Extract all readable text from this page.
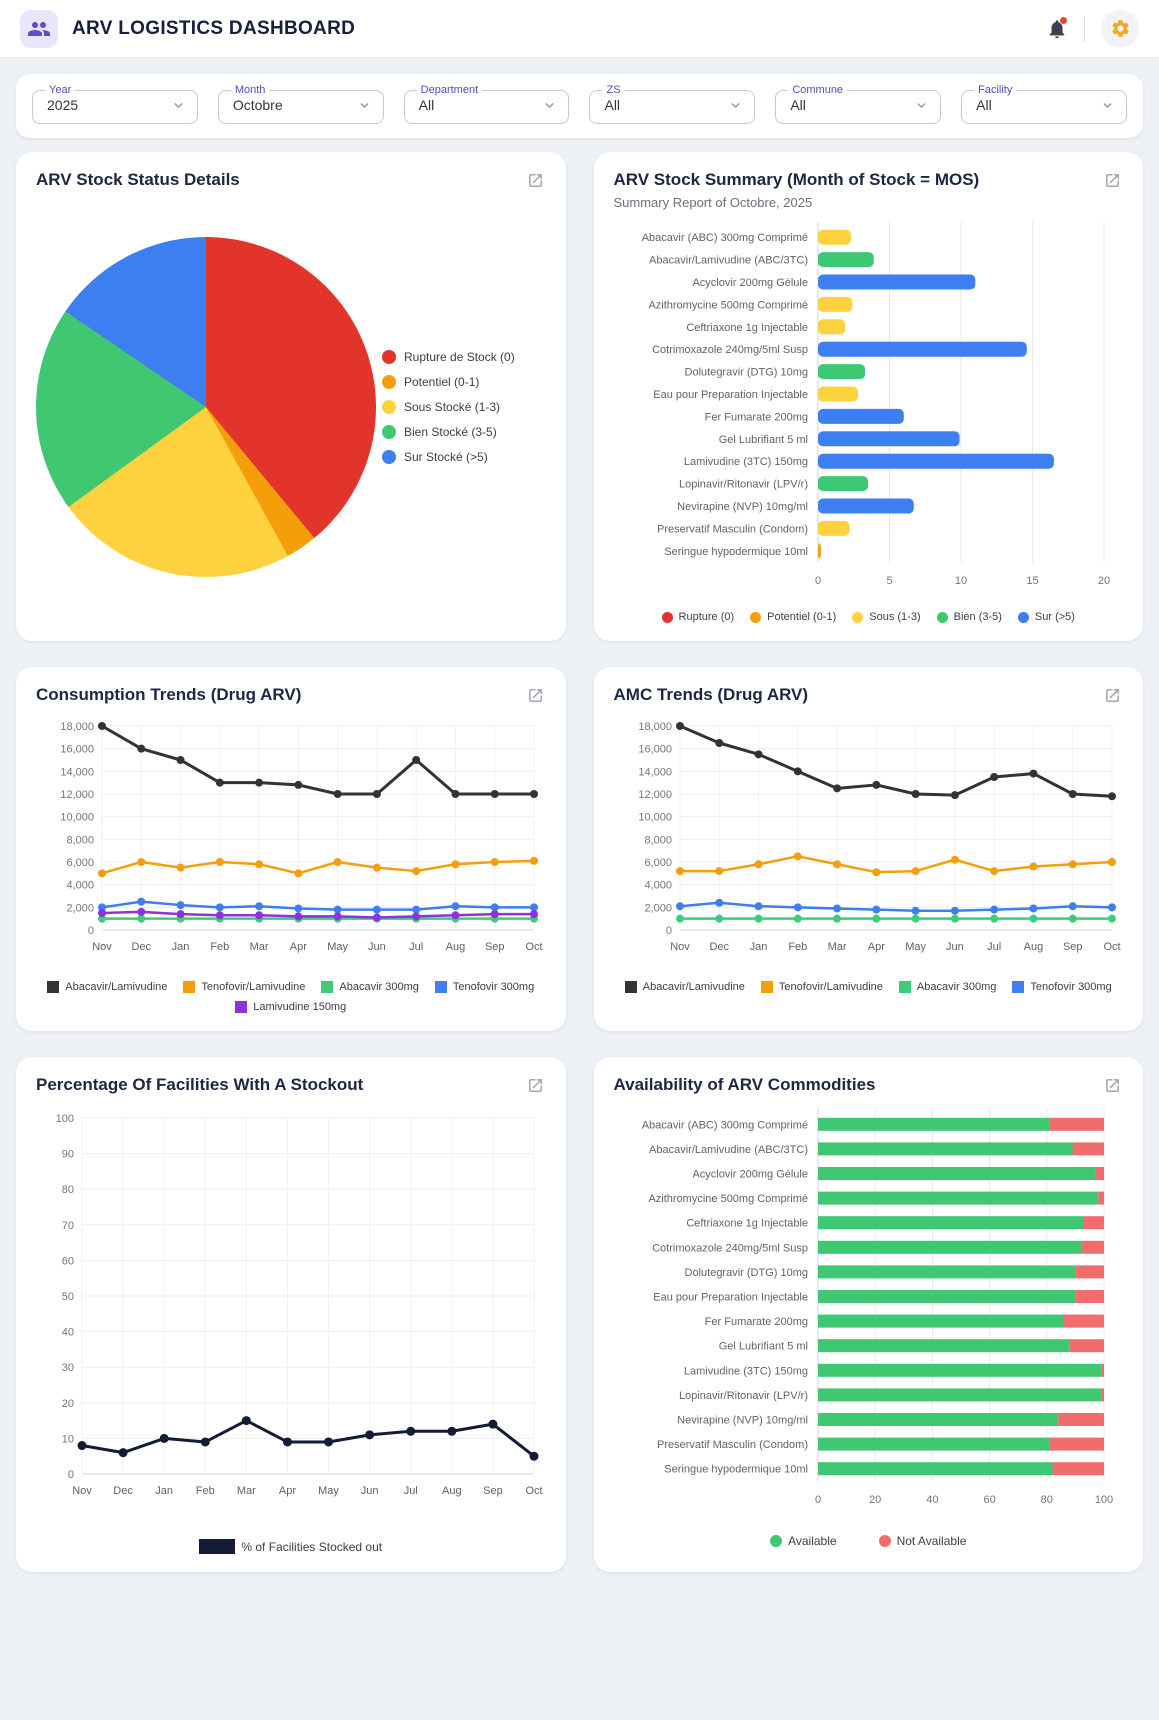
ARV LOGISTICS DASHBOARD
Year
2025
Month
Octobre
Department
All
ZS
All
Commune
All
Facility
All
ARV Stock Status Details
Rupture de Stock (0)
Potentiel (0-1)
Sous Stocké (1-3)
Bien Stocké (3-5)
Sur Stocké (>5)
ARV Stock Summary (Month of Stock = MOS)

Summary Report of Octobre, 2025

0	5	10	15	20
Abacavir (ABC) 300mg Comprimé
Abacavir/Lamivudine (ABC/3TC)
Acyclovir 200mg Gélule
Azithromycine 500mg Comprimé
Ceftriaxone 1g Injectable
Cotrimoxazole 240mg/5ml Susp
Dolutegravir (DTG) 10mg
Eau pour Preparation Injectable
Fer Fumarate 200mg
Gel Lubrifiant 5 ml
Lamivudine (3TC) 150mg
Lopinavir/Ritonavir (LPV/r)
Nevirapine (NVP) 10mg/ml
Preservatif Masculin (Condom)
Seringue hypodermique 10ml
Rupture (0)	Potentiel (0-1)	Sous (1-3)	Bien (3-5)	Sur (>5)
Consumption Trends (Drug ARV)
0
2,000
4,000
6,000
8,000
10,000
12,000
14,000
16,000
18,000
Nov Dec Jan Feb Mar Apr May Jun Jul Aug Sep Oct
Abacavir/Lamivudine	Tenofovir/Lamivudine	Abacavir 300mg	Tenofovir 300mg
Lamivudine 150mg
AMC Trends (Drug ARV)
0
2,000
4,000
6,000
8,000
10,000
12,000
14,000
16,000
18,000
Nov Dec Jan Feb Mar Apr May Jun Jul Aug Sep Oct
Abacavir/Lamivudine	Tenofovir/Lamivudine	Abacavir 300mg	Tenofovir 300mg
Percentage Of Facilities With A Stockout
0
10
20
30
40
50
60
70
80
90
100
Nov Dec Jan Feb Mar Apr May Jun Jul Aug Sep Oct
% of Facilities Stocked out
Availability of ARV Commodities
0	20	40	60	80	100
Abacavir (ABC) 300mg Comprimé
Abacavir/Lamivudine (ABC/3TC)
Acyclovir 200mg Gélule
Azithromycine 500mg Comprimé
Ceftriaxone 1g Injectable
Cotrimoxazole 240mg/5ml Susp
Dolutegravir (DTG) 10mg
Eau pour Preparation Injectable
Fer Fumarate 200mg
Gel Lubrifiant 5 ml
Lamivudine (3TC) 150mg
Lopinavir/Ritonavir (LPV/r)
Nevirapine (NVP) 10mg/ml
Preservatif Masculin (Condom)
Seringue hypodermique 10ml
Available	Not Available
